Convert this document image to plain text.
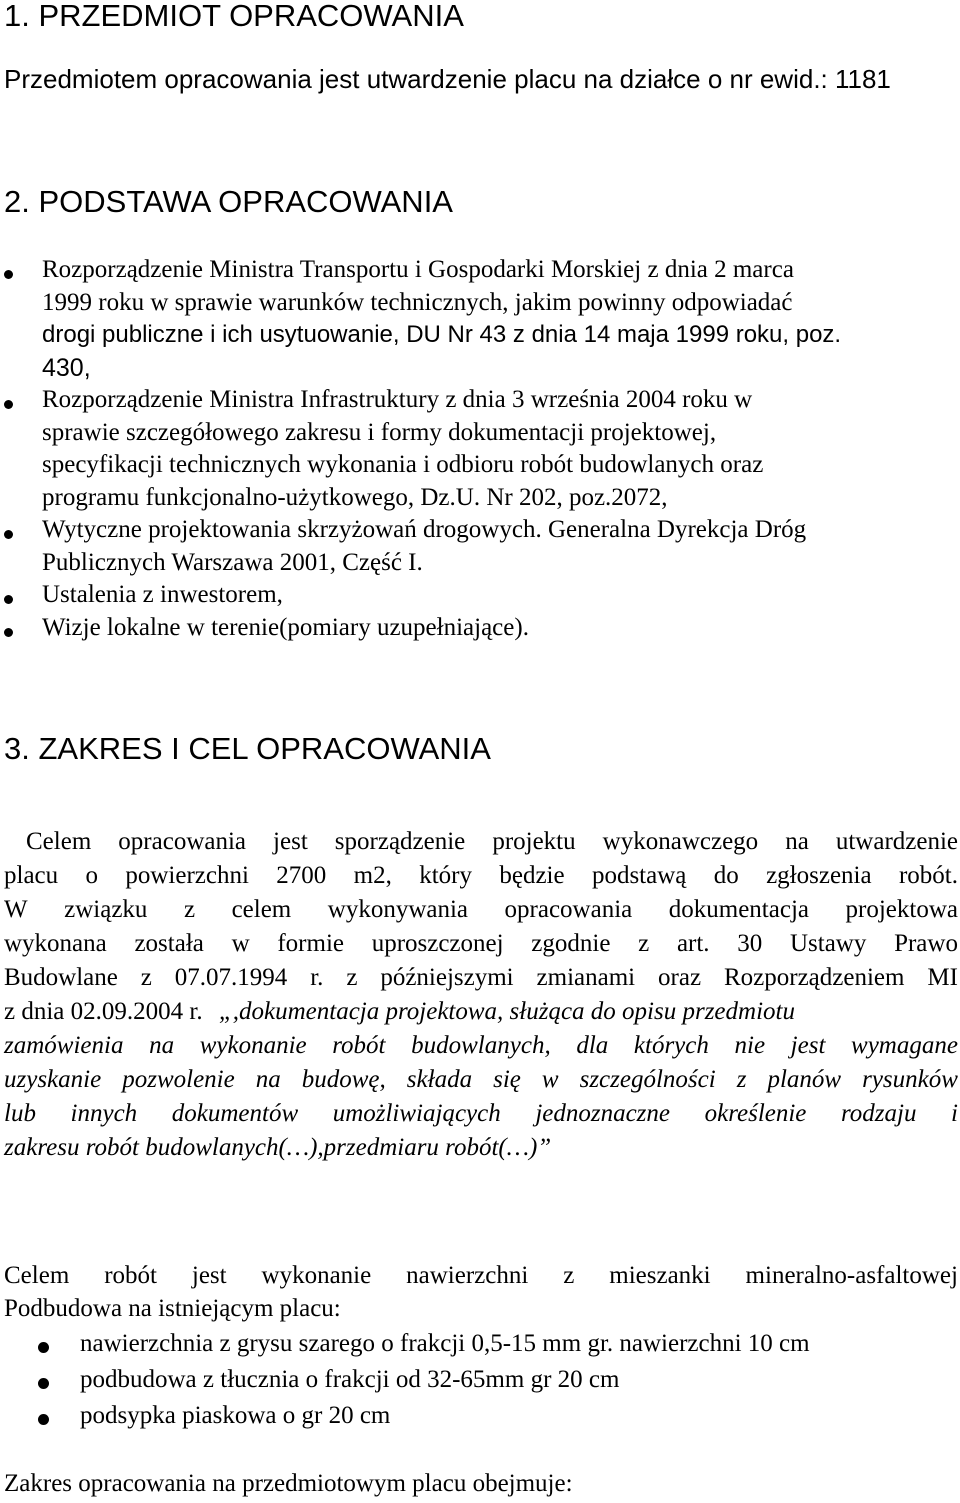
1. PRZEDMIOT OPRACOWANIA
Przedmiotem opracowania jest utwardzenie placu na działce o nr ewid.: 1181
2. PODSTAWA OPRACOWANIA
Rozporządzenie Ministra Transportu i Gospodarki Morskiej z dnia 2 marca
1999 roku w sprawie warunków technicznych, jakim powinny odpowiadać
drogi publiczne i ich usytuowanie, DU Nr 43 z dnia 14 maja 1999 roku, poz.
430,
Rozporządzenie Ministra Infrastruktury z dnia 3 września 2004 roku w
sprawie szczegółowego zakresu i formy dokumentacji projektowej,
specyfikacji technicznych wykonania i odbioru robót budowlanych oraz
programu funkcjonalno-użytkowego, Dz.U. Nr 202, poz.2072,
Wytyczne projektowania skrzyżowań drogowych. Generalna Dyrekcja Dróg
Publicznych Warszawa 2001, Część I.
Ustalenia z inwestorem,
Wizje lokalne w terenie(pomiary uzupełniające).
3. ZAKRES I CEL OPRACOWANIA
Celem opracowania jest sporządzenie projektu wykonawczego na utwardzenie
placu o powierzchni 2700 m2, który będzie podstawą do zgłoszenia robót.
W związku z celem wykonywania opracowania dokumentacja projektowa
wykonana została w formie uproszczonej zgodnie z art. 30 Ustawy Prawo
Budowlane z 07.07.1994 r. z późniejszymi zmianami oraz Rozporządzeniem MI
z dnia 02.09.2004 r. „,dokumentacja projektowa, służąca do opisu przedmiotu
zamówienia na wykonanie robót budowlanych, dla których nie jest wymagane
uzyskanie pozwolenie na budowę, składa się w szczególności z planów rysunków
lub innych dokumentów umożliwiających jednoznaczne określenie rodzaju i
zakresu robót budowlanych(…),przedmiaru robót(…)”
Celem robót jest wykonanie nawierzchni z mieszanki mineralno-asfaltowej
Podbudowa na istniejącym placu:
nawierzchnia z grysu szarego o frakcji 0,5-15 mm gr. nawierzchni 10 cm
podbudowa z tłucznia o frakcji od 32-65mm gr 20 cm
podsypka piaskowa o gr 20 cm
Zakres opracowania na przedmiotowym placu obejmuje:
